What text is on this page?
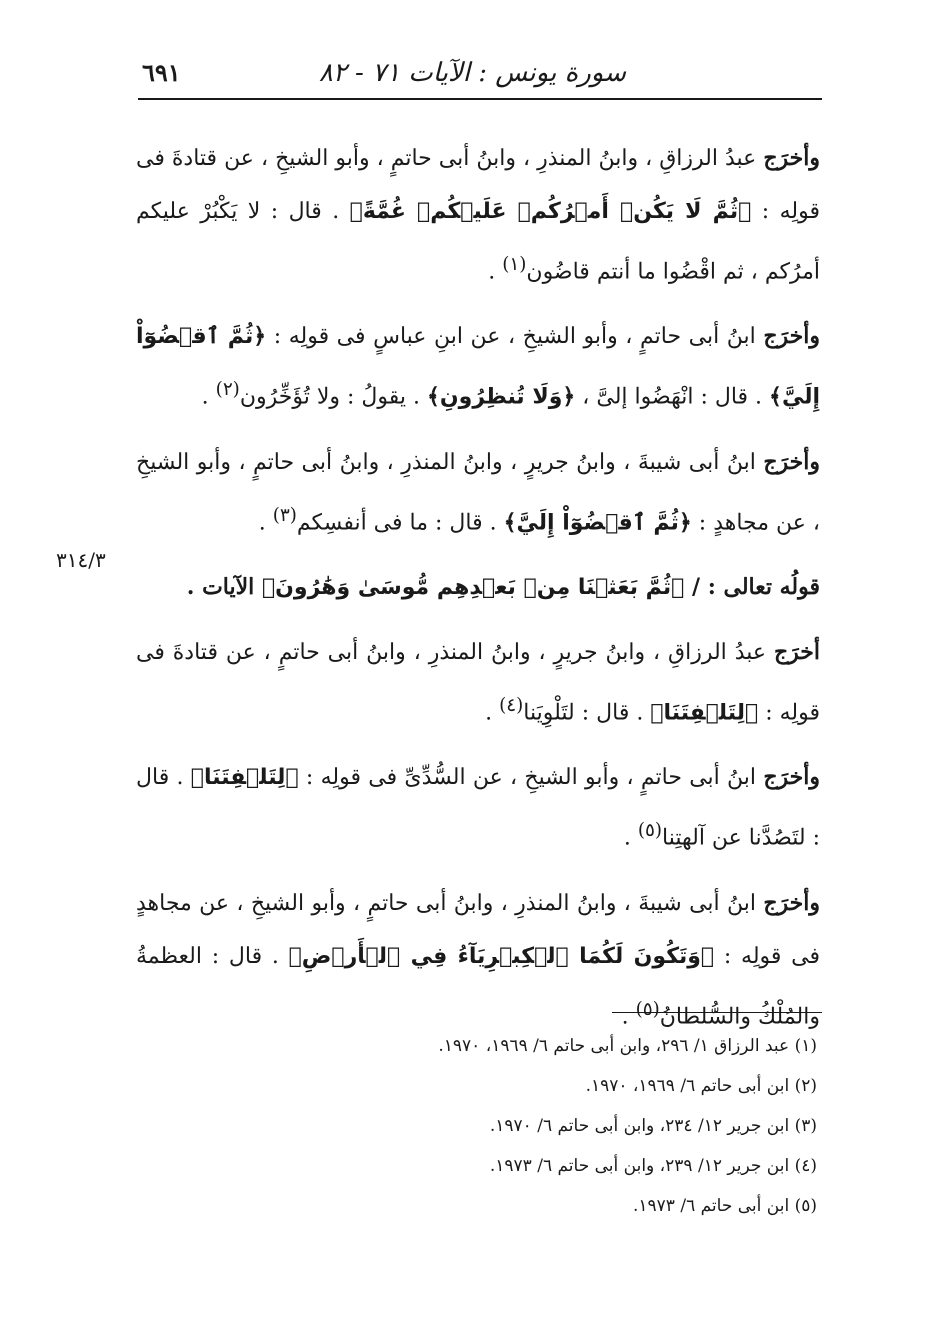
سورة يونس : الآيات ٧١ - ٨٢
٦٩١
٣١٤/٣

وأخرَج عبدُ الرزاقِ ، وابنُ المنذرِ ، وابنُ أبى حاتمٍ ، وأبو الشيخِ ، عن قتادةَ فى قولِه : ﴿ثُمَّ لَا يَكُنۡ أَمۡرُكُمۡ عَلَيۡكُمۡ غُمَّةً﴾ . قال : لا يَكْبُرْ عليكم أمرُكم ، ثم اقْضُوا ما أنتم قاضُون$^{(١)}$ .

وأخرَج ابنُ أبى حاتمٍ ، وأبو الشيخِ ، عن ابنِ عباسٍ فى قولِه : ﴿ثُمَّ ٱقۡضُوٓاْ إِلَيَّ﴾ . قال : انْهَضُوا إلىَّ ، ﴿وَلَا تُنظِرُونِ﴾ . يقولُ : ولا تُؤَخِّرُون$^{(٢)}$ .

وأخرَج ابنُ أبى شيبةَ ، وابنُ جريرٍ ، وابنُ المنذرِ ، وابنُ أبى حاتمٍ ، وأبو الشيخِ ، عن مجاهدٍ : ﴿ثُمَّ ٱقۡضُوٓاْ إِلَيَّ﴾ . قال : ما فى أنفسِكم$^{(٣)}$ .

قولُه تعالى : / ﴿ثُمَّ بَعَثۡنَا مِنۢ بَعۡدِهِم مُّوسَىٰ وَهَٰرُونَ﴾ الآيات .

أخرَج عبدُ الرزاقِ ، وابنُ جريرٍ ، وابنُ المنذرِ ، وابنُ أبى حاتمٍ ، عن قتادةَ فى قولِه : ﴿لِتَلۡفِتَنَا﴾ . قال : لتَلْوِيَنا$^{(٤)}$ .

وأخرَج ابنُ أبى حاتمٍ ، وأبو الشيخِ ، عن السُّدِّىِّ فى قولِه : ﴿لِتَلۡفِتَنَا﴾ . قال : لتَصُدَّنا عن آلهتِنا$^{(٥)}$ .

وأخرَج ابنُ أبى شيبةَ ، وابنُ المنذرِ ، وابنُ أبى حاتمٍ ، وأبو الشيخِ ، عن مجاهدٍ فى قولِه : ﴿وَتَكُونَ لَكُمَا ٱلۡكِبۡرِيَآءُ فِي ٱلۡأَرۡضِ﴾ . قال : العظمةُ والمُلْكُ والسُّلطانُ$^{(٥)}$ .

(١) عبد الرزاق ١/ ٢٩٦، وابن أبى حاتم ٦/ ١٩٦٩، ١٩٧٠.
(٢) ابن أبى حاتم ٦/ ١٩٦٩، ١٩٧٠.
(٣) ابن جرير ١٢/ ٢٣٤، وابن أبى حاتم ٦/ ١٩٧٠.
(٤) ابن جرير ١٢/ ٢٣٩، وابن أبى حاتم ٦/ ١٩٧٣.
(٥) ابن أبى حاتم ٦/ ١٩٧٣.
